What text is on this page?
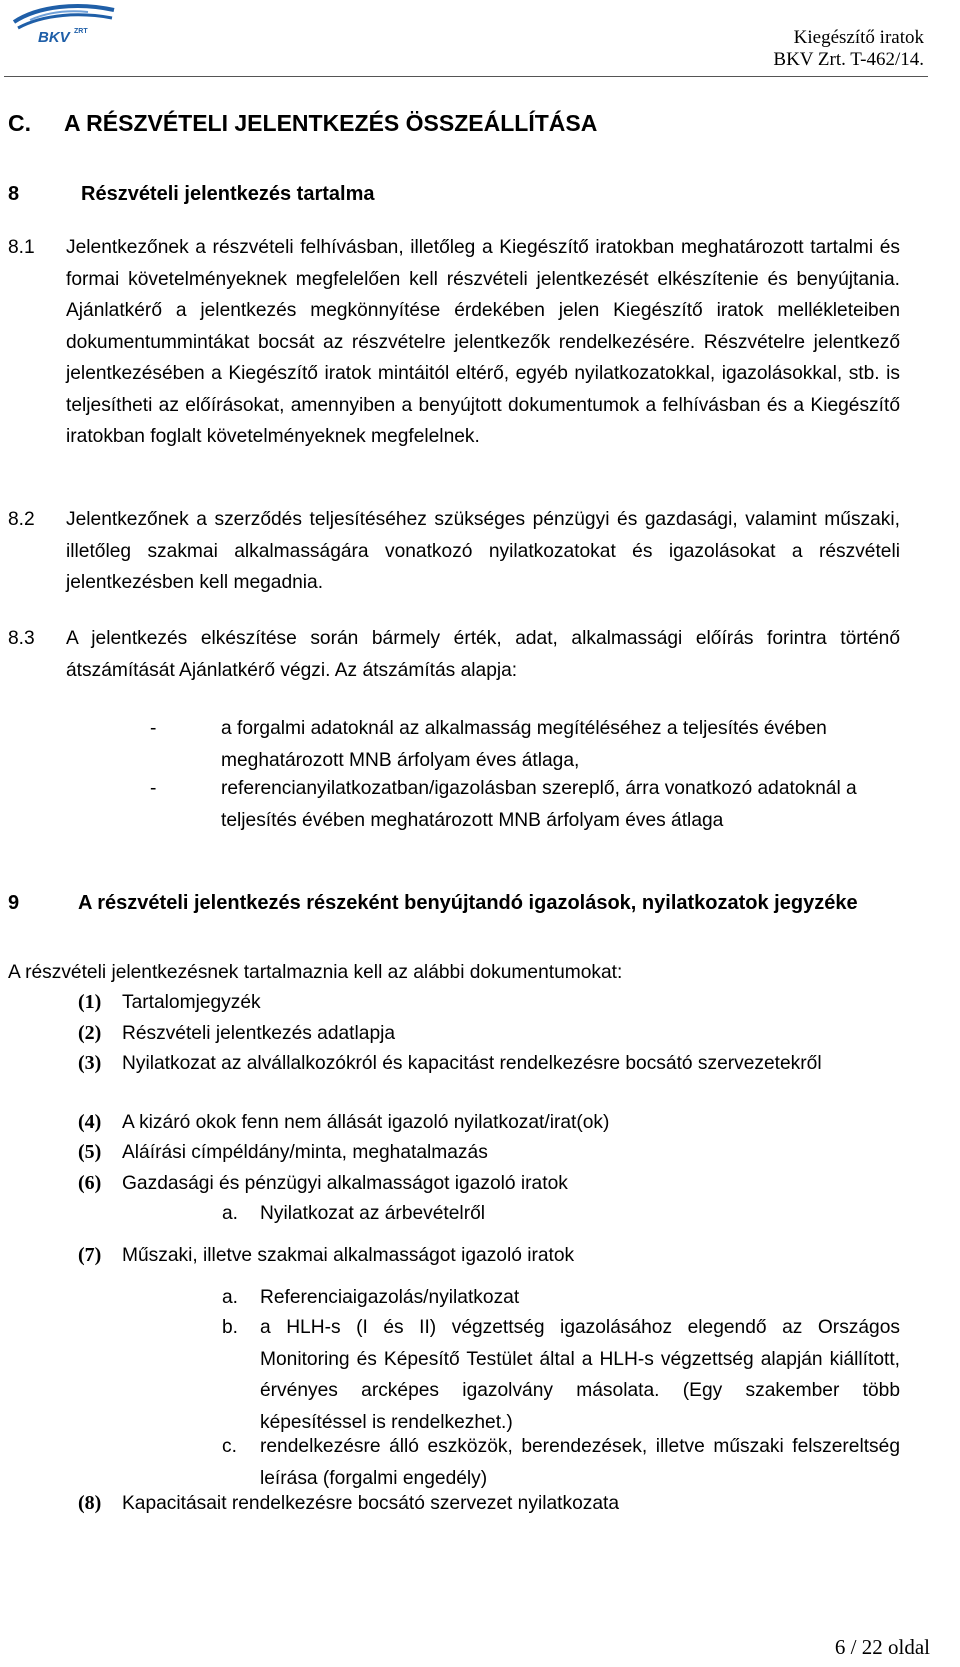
BKV ZRT	Kiegészítő iratok
BKV Zrt. T-462/14.
C. A RÉSZVÉTELI JELENTKEZÉS ÖSSZEÁLLÍTÁSA
8	Részvételi jelentkezés tartalma
8.1 Jelentkezőnek a részvételi felhívásban, illetőleg a Kiegészítő iratokban meghatározott tartalmi és formai követelményeknek megfelelően kell részvételi jelentkezését elkészítenie és benyújtania. Ajánlatkérő a jelentkezés megkönnyítése érdekében jelen Kiegészítő iratok mellékleteiben dokumentummintákat bocsát az részvételre jelentkezők rendelkezésére. Részvételre jelentkező jelentkezésében a Kiegészítő iratok mintáitól eltérő, egyéb nyilatkozatokkal, igazolásokkal, stb. is teljesítheti az előírásokat, amennyiben a benyújtott dokumentumok a felhívásban és a Kiegészítő iratokban foglalt követelményeknek megfelelnek.
8.2 Jelentkezőnek a szerződés teljesítéséhez szükséges pénzügyi és gazdasági, valamint műszaki, illetőleg szakmai alkalmasságára vonatkozó nyilatkozatokat és igazolásokat a részvételi jelentkezésben kell megadnia.
8.3 A jelentkezés elkészítése során bármely érték, adat, alkalmassági előírás forintra történő átszámítását Ajánlatkérő végzi. Az átszámítás alapja:
-	a forgalmi adatoknál az alkalmasság megítéléséhez a teljesítés évében meghatározott MNB árfolyam éves átlaga,
-	referencianyilatkozatban/igazolásban szereplő, árra vonatkozó adatoknál a teljesítés évében meghatározott MNB árfolyam éves átlaga
9	A részvételi jelentkezés részeként benyújtandó igazolások, nyilatkozatok jegyzéke
A részvételi jelentkezésnek tartalmaznia kell az alábbi dokumentumokat:
(1) Tartalomjegyzék
(2) Részvételi jelentkezés adatlapja
(3) Nyilatkozat az alvállalkozókról és kapacitást rendelkezésre bocsátó szervezetekről
(4) A kizáró okok fenn nem állását igazoló nyilatkozat/irat(ok)
(5) Aláírási címpéldány/minta, meghatalmazás
(6) Gazdasági és pénzügyi alkalmasságot igazoló iratok
a. Nyilatkozat az árbevételről
(7) Műszaki, illetve szakmai alkalmasságot igazoló iratok
a. Referenciaigazolás/nyilatkozat
b. a HLH-s (I és II) végzettség igazolásához elegendő az Országos Monitoring és Képesítő Testület által a HLH-s végzettség alapján kiállított, érvényes arcképes igazolvány másolata. (Egy szakember több képesítéssel is rendelkezhet.)
c. rendelkezésre álló eszközök, berendezések, illetve műszaki felszereltség leírása (forgalmi engedély)
(8) Kapacitásait rendelkezésre bocsátó szervezet nyilatkozata
6 / 22 oldal
